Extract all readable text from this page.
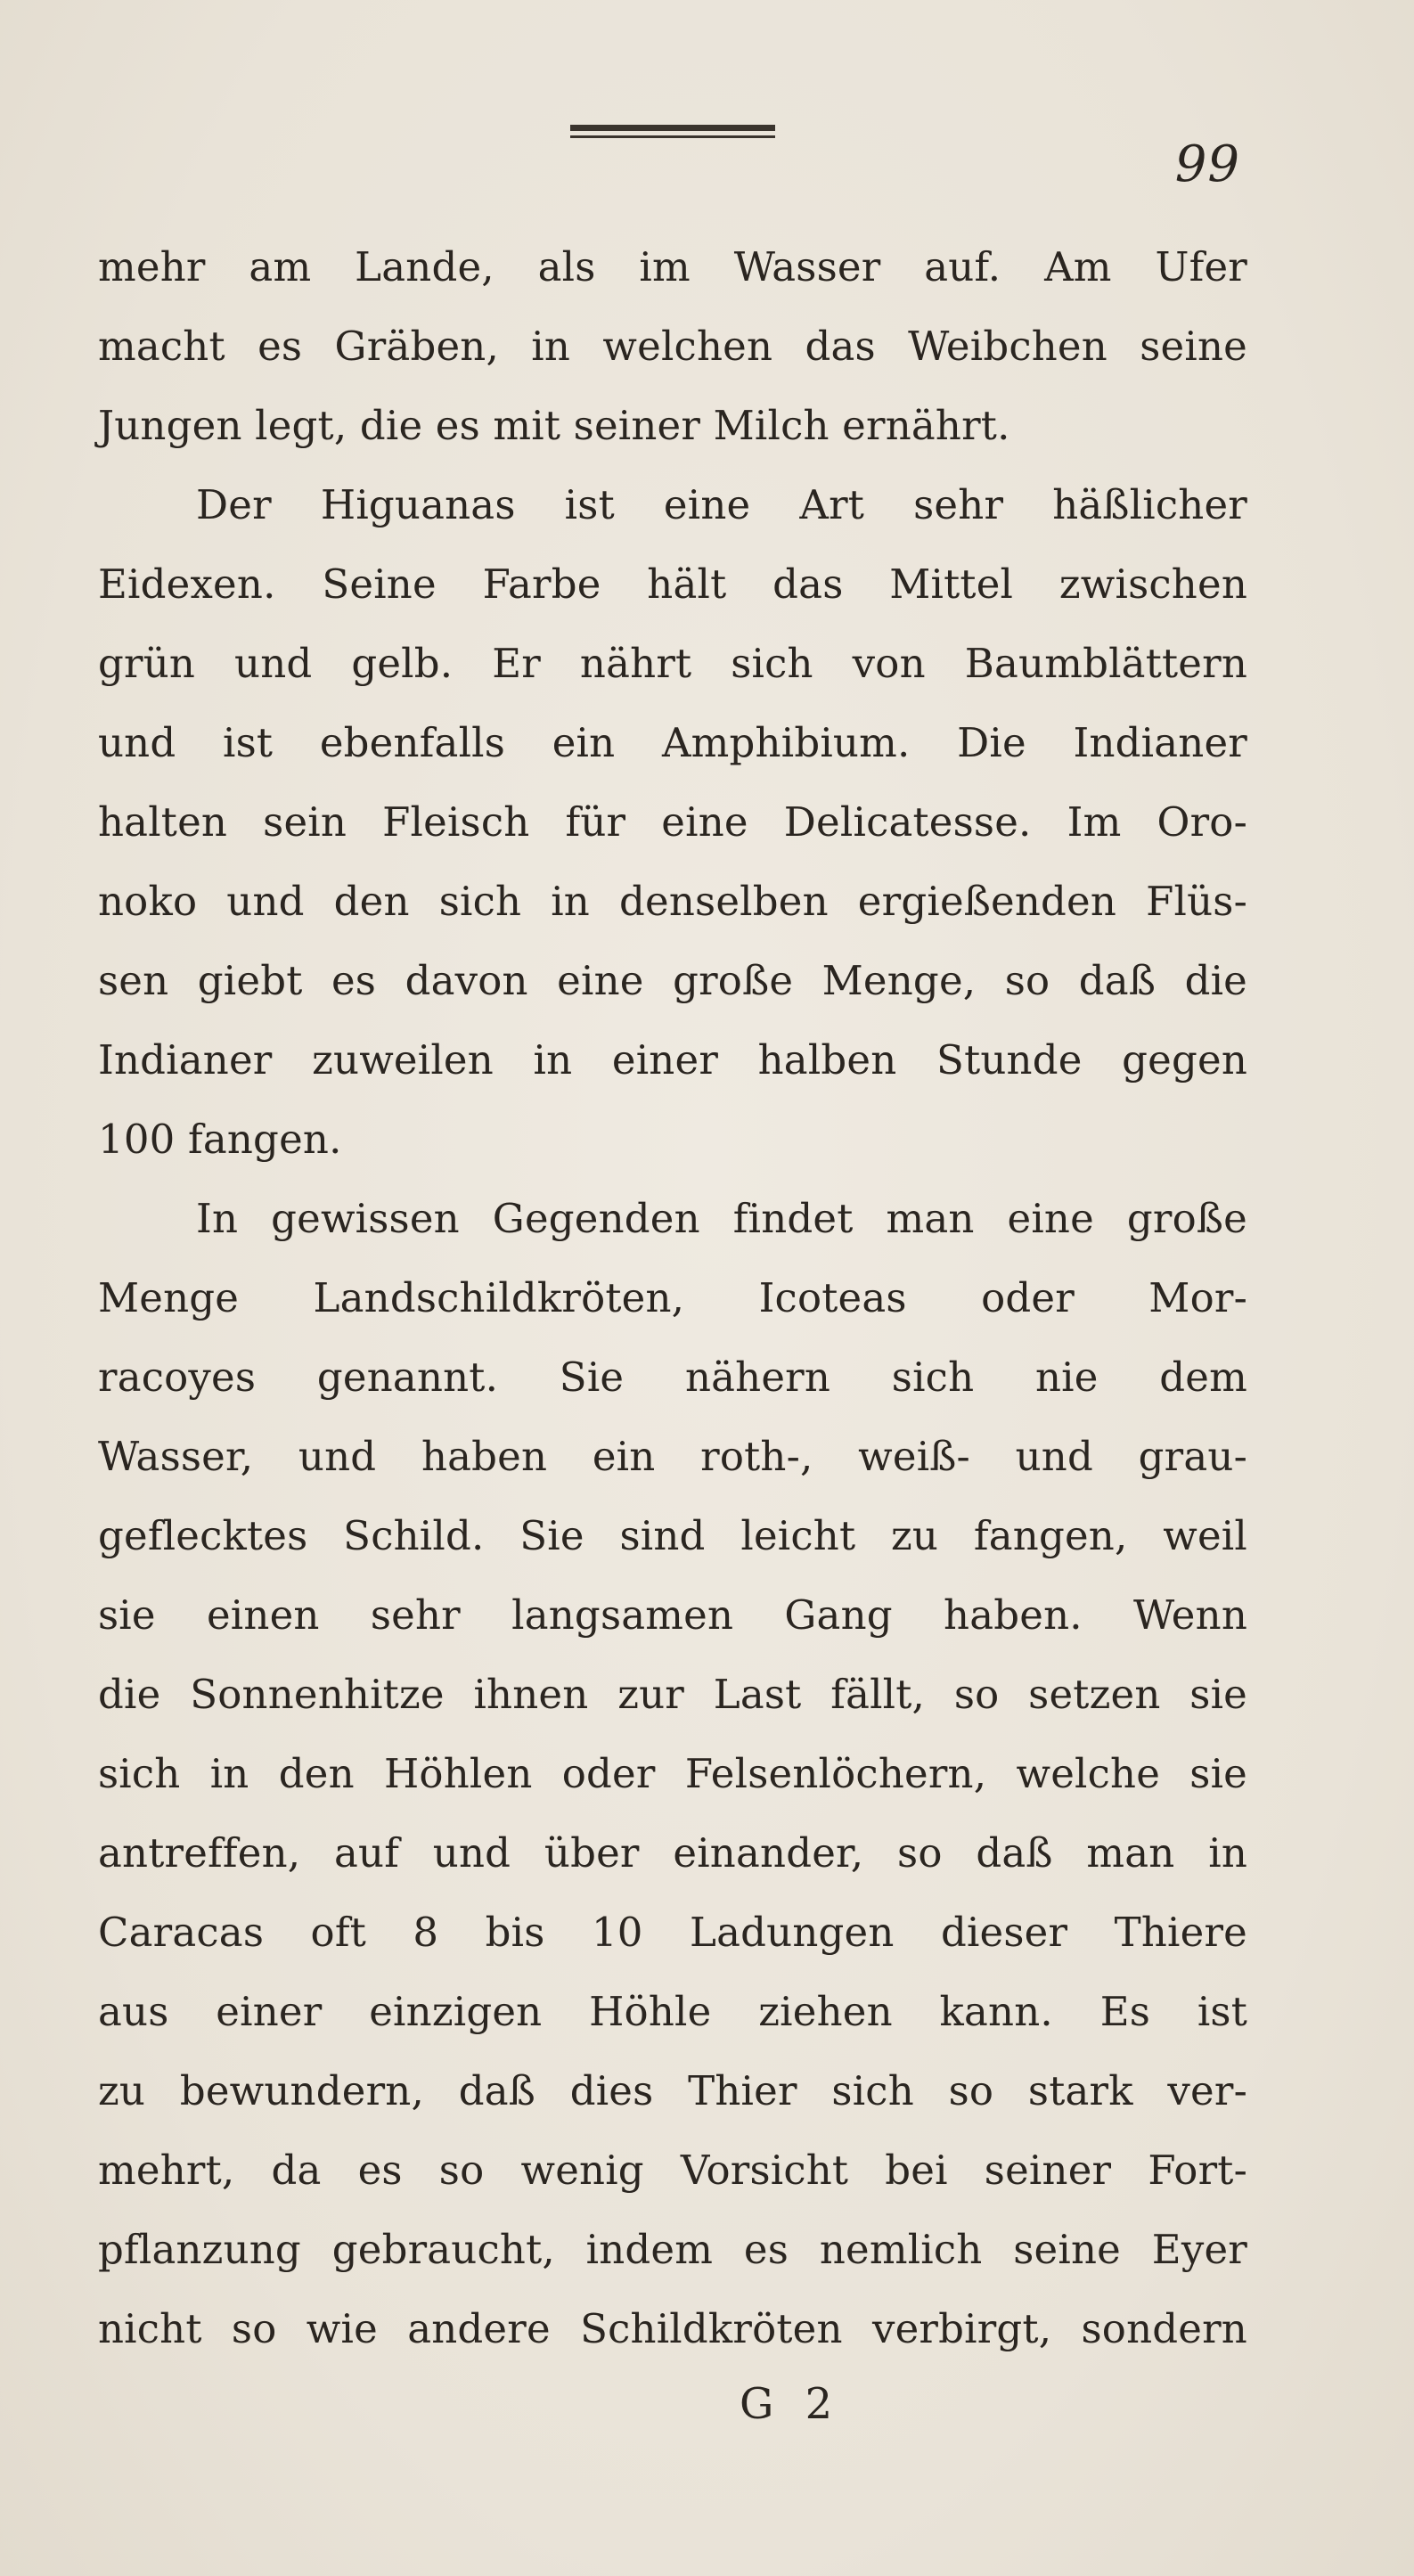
99
mehr am Lande, als im Wasser auf. Am Ufer
macht es Gräben, in welchen das Weibchen seine
Jungen legt, die es mit seiner Milch ernährt.
Der Higuanas ist eine Art sehr häßlicher
Eidexen. Seine Farbe hält das Mittel zwischen
grün und gelb. Er nährt sich von Baumblättern
und ist ebenfalls ein Amphibium. Die Indianer
halten sein Fleisch für eine Delicatesse. Im Oro-
noko und den sich in denselben ergießenden Flüs-
sen giebt es davon eine große Menge, so daß die
Indianer zuweilen in einer halben Stunde gegen
100 fangen.
In gewissen Gegenden findet man eine große
Menge Landschildkröten, Icoteas oder Mor-
racoyes genannt. Sie nähern sich nie dem
Wasser, und haben ein roth-, weiß- und grau-
geflecktes Schild. Sie sind leicht zu fangen, weil
sie einen sehr langsamen Gang haben. Wenn
die Sonnenhitze ihnen zur Last fällt, so setzen sie
sich in den Höhlen oder Felsenlöchern, welche sie
antreffen, auf und über einander, so daß man in
Caracas oft 8 bis 10 Ladungen dieser Thiere
aus einer einzigen Höhle ziehen kann. Es ist
zu bewundern, daß dies Thier sich so stark ver-
mehrt, da es so wenig Vorsicht bei seiner Fort-
pflanzung gebraucht, indem es nemlich seine Eyer
nicht so wie andere Schildkröten verbirgt, sondern
G 2
